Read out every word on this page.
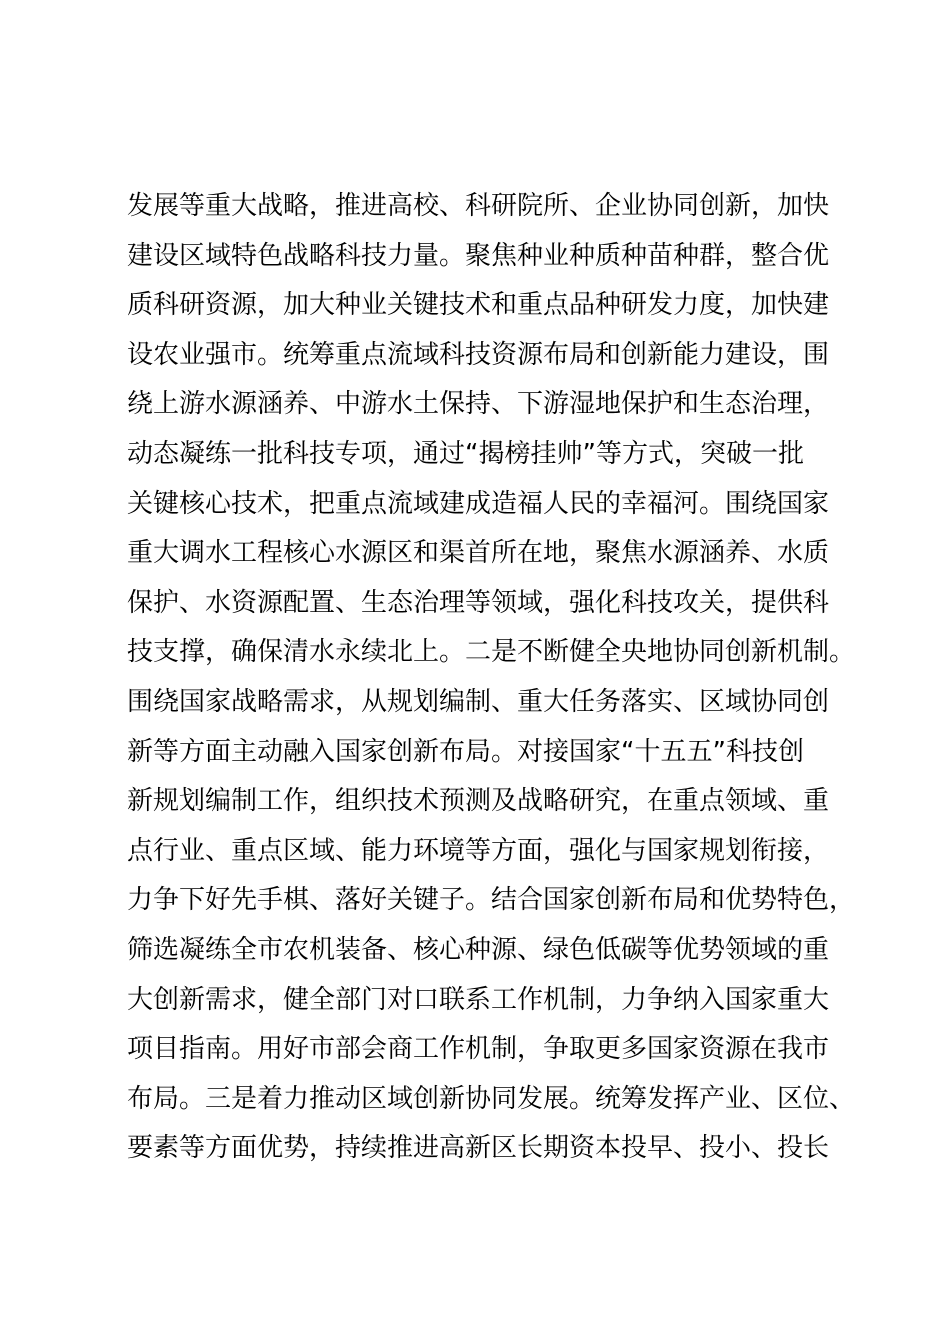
发展等重大战略，推进高校、科研院所、企业协同创新，加快
建设区域特色战略科技力量。聚焦种业种质种苗种群，整合优
质科研资源，加大种业关键技术和重点品种研发力度，加快建
设农业强市。统筹重点流域科技资源布局和创新能力建设，围
绕上游水源涵养、中游水土保持、下游湿地保护和生态治理，
动态凝练一批科技专项，通过“揭榜挂帅”等方式，突破一批
关键核心技术，把重点流域建成造福人民的幸福河。围绕国家
重大调水工程核心水源区和渠首所在地，聚焦水源涵养、水质
保护、水资源配置、生态治理等领域，强化科技攻关，提供科
技支撑，确保清水永续北上。二是不断健全央地协同创新机制。
围绕国家战略需求，从规划编制、重大任务落实、区域协同创
新等方面主动融入国家创新布局。对接国家“十五五”科技创
新规划编制工作，组织技术预测及战略研究，在重点领域、重
点行业、重点区域、能力环境等方面，强化与国家规划衔接，
力争下好先手棋、落好关键子。结合国家创新布局和优势特色，
筛选凝练全市农机装备、核心种源、绿色低碳等优势领域的重
大创新需求，健全部门对口联系工作机制，力争纳入国家重大
项目指南。用好市部会商工作机制，争取更多国家资源在我市
布局。三是着力推动区域创新协同发展。统筹发挥产业、区位、
要素等方面优势，持续推进高新区长期资本投早、投小、投长
